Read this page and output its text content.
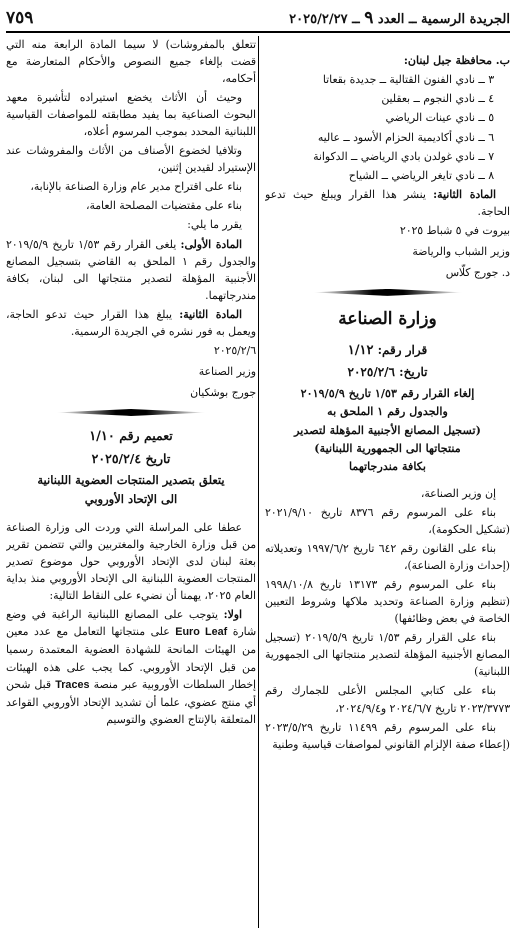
الجريدة الرسمية ــ العدد ٩ ــ ٢٠٢٥/٢/٢٧
٧٥٩

ب. محافظة جبل لبنان:

٣ ــ نادي الفنون القتالية ــ جديدة بقعاتا

٤ ــ نادي النجوم ــ بعقلين

٥ ــ نادي عينات الرياضي

٦ ــ نادي أكاديمية الحزام الأسود ــ عاليه

٧ ــ نادي غولدن بادي الرياضي ــ الدكوانة

٨ ــ نادي تايغر الرياضي ــ الشياح

المادة الثانية: ينشر هذا القرار ويبلغ حيث تدعو الحاجة.

بيروت في ٥ شباط ٢٠٢٥

وزير الشباب والرياضة

د. جورج كلّاس

وزارة الصناعة

قرار رقم: ١/١٢

تاريخ: ٢٠٢٥/٢/٦

إلغاء القرار رقم ١/٥٣ تاريخ ٢٠١٩/٥/٩
والجدول رقم ١ الملحق به
(تسجيل المصانع الأجنبية المؤهلة لتصدير
منتجاتها الى الجمهورية اللبنانية)
بكافة مندرجاتهما

إن وزير الصناعة،

بناء على المرسوم رقم ٨٣٧٦ تاريخ ٢٠٢١/٩/١٠ (تشكيل الحكومة)،

بناء على القانون رقم ٦٤٢ تاريخ ١٩٩٧/٦/٢ وتعديلاته (إحداث وزارة الصناعة)،

بناء على المرسوم رقم ١٣١٧٣ تاريخ ١٩٩٨/١٠/٨ (تنظيم وزارة الصناعة وتحديد ملاكها وشروط التعيين الخاصة في بعض وظائفها)

بناء على القرار رقم ١/٥٣ تاريخ ٢٠١٩/٥/٩ (تسجيل المصانع الأجنبية المؤهلة لتصدير منتجاتها الى الجمهورية اللبنانية)

بناء على كتابي المجلس الأعلى للجمارك رقم ٢٠٢٣/٣٧٧٣ تاريخ ٢٠٢٤/٦/٧ و٢٠٢٤/٩/٤،

بناء على المرسوم رقم ١١٤٩٩ تاريخ ٢٠٢٣/٥/٢٩ (إعطاء صفة الإلزام القانوني لمواصفات قياسية وطنية

تتعلق بالمفروشات) لا سيما المادة الرابعة منه التي قضت بإلغاء جميع النصوص والأحكام المتعارضة مع أحكامه،

وحيث أن الأثاث يخضع استيراده لتأشيرة معهد البحوث الصناعية بما يفيد مطابقته للمواصفات القياسية اللبنانية المحدد بموجب المرسوم أعلاه،

وتلافيا لخضوع الأصناف من الأثاث والمفروشات عند الإستيراد لقيدين إثنين،

بناء على اقتراح مدير عام وزارة الصناعة بالإنابة،

بناء على مقتضيات المصلحة العامة،

يقرر ما يلي:

المادة الأولى: يلغى القرار رقم ١/٥٣ تاريخ ٢٠١٩/٥/٩ والجدول رقم ١ الملحق به القاضي بتسجيل المصانع الأجنبية المؤهلة لتصدير منتجاتها الى لبنان، بكافة مندرجاتهما.

المادة الثانية: يبلغ هذا القرار حيث تدعو الحاجة، ويعمل به فور نشره في الجريدة الرسمية.

٢٠٢٥/٢/٦

وزير الصناعة

جورج بوشكيان

تعميم رقم ١/١٠

تاريخ ٢٠٢٥/٢/٤

يتعلق بتصدير المنتجات العضوية اللبنانية
الى الإتحاد الأوروبي

عطفا على المراسلة التي وردت الى وزارة الصناعة من قبل وزارة الخارجية والمغتربين والتي تتضمن تقرير بعثة لبنان لدى الإتحاد الأوروبي حول موضوع تصدير المنتجات العضوية اللبنانية الى الإتحاد الأوروبي منذ بداية العام ٢٠٢٥، يهمنا أن نضيء على النقاط التالية:

اولا: يتوجب على المصانع اللبنانية الراغبة في وضع شارة Euro Leaf على منتجاتها التعامل مع عدد معين من الهيئات المانحة للشهادة العضوية المعتمدة رسميا من قبل الإتحاد الأوروبي. كما يجب على هذه الهيئات إخطار السلطات الأوروبية عبر منصة Traces قبل شحن أي منتج عضوي، علما أن تشديد الإتحاد الأوروبي القواعد المتعلقة بالإنتاج العضوي والتوسيم
